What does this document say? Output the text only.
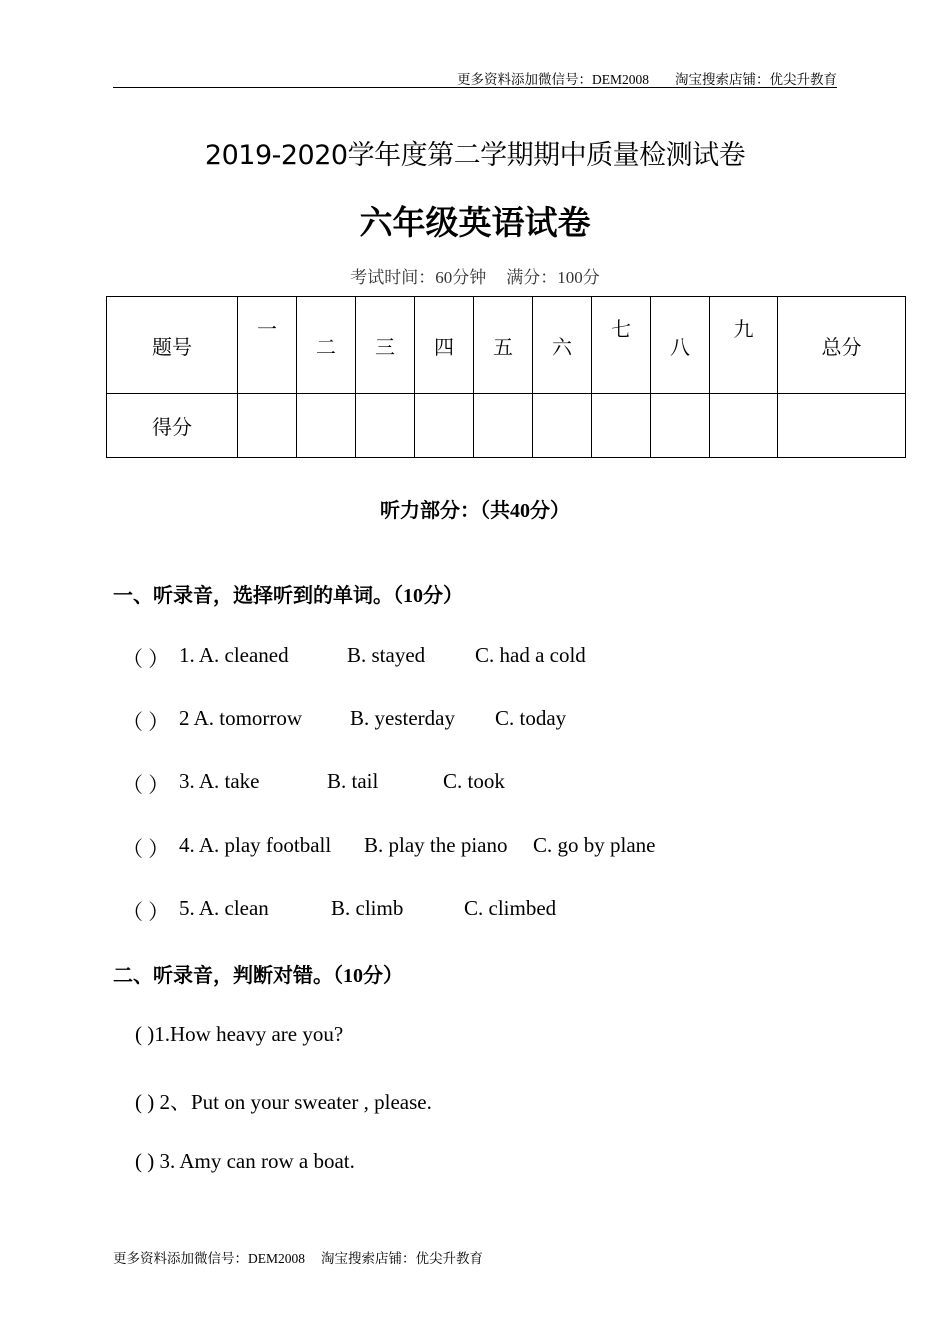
更多资料添加微信号：DEM2008 淘宝搜索店铺：优尖升教育
2019-2020学年度第二学期期中质量检测试卷
六年级英语试卷
考试时间：60分钟 满分：100分
题号	一	二	三	四	五	六	七	八	九	总分
得分										
听力部分：（共40分）
一、听录音，选择听到的单词。（10分）
（ ） 1. A. cleaned	B. stayed C. had a cold
（ ） 2 A. tomorrow B. yesterday C. today
（ ） 3. A. take	B. tail	C. took
（ ） 4. A. play football B. play the piano C. go by plane
（ ） 5. A. clean	B. climb	C. climbed
二、听录音，判断对错。（10分）
( )1.How heavy are you?
( ) 2、Put on your sweater , please.
( ) 3. Amy can row a boat.
更多资料添加微信号：DEM2008 淘宝搜索店铺：优尖升教育
